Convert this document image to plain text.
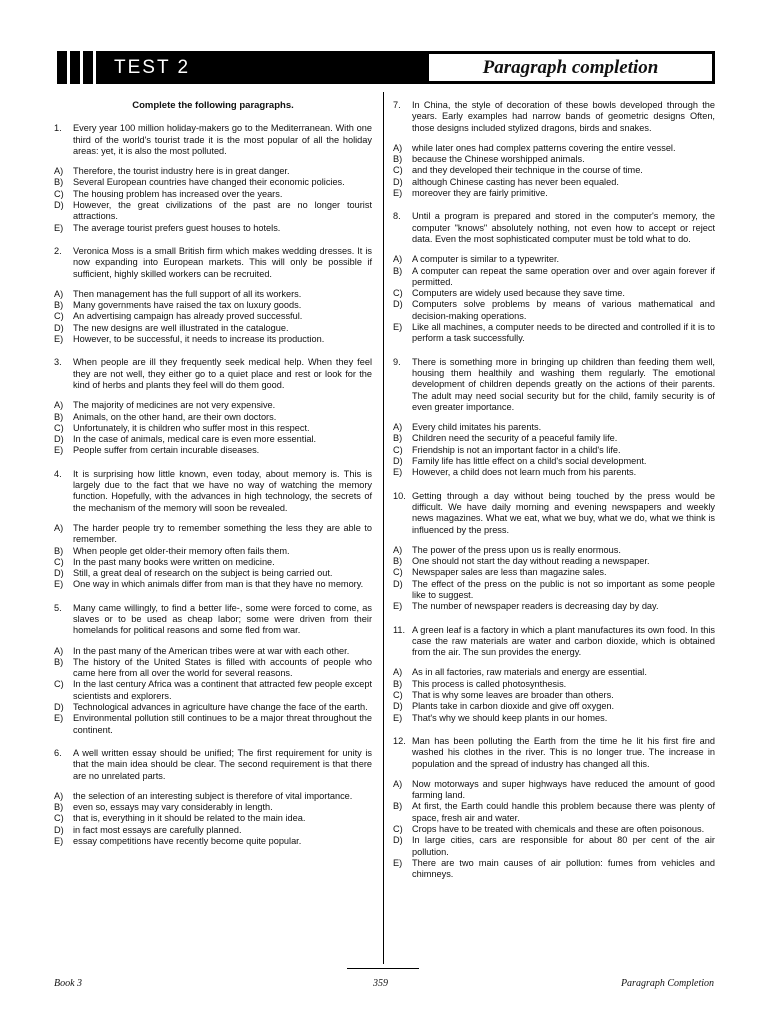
TEST 2	Paragraph completion
Complete the following paragraphs.
1.	Every year 100 million holiday-makers go to the Mediterranean. With one third of the world's tourist trade it is the most popular of all the holiday areas: yet, it is also the most polluted.
A)	Therefore, the tourist industry here is in great danger.
B)	Several European countries have changed their economic policies.
C)	The housing problem has increased over the years.
D)	However, the great civilizations of the past are no longer tourist attractions.
E)	The average tourist prefers guest houses to hotels.
2.	Veronica Moss is a small British firm which makes wedding dresses. It is now expanding into European markets. This will only be possible if sufficient, highly skilled workers can be recruited.
A)	Then management has the full support of all its workers.
B)	Many governments have raised the tax on luxury goods.
C)	An advertising campaign has already proved successful.
D)	The new designs are well illustrated in the catalogue.
E)	However, to be successful, it needs to increase its production.
3.	When people are ill they frequently seek medical help. When they feel they are not well, they either go to a quiet place and rest or look for the kind of herbs and plants they feel will do them good.
A)	The majority of medicines are not very expensive.
B)	Animals, on the other hand, are their own doctors.
C)	Unfortunately, it is children who suffer most in this respect.
D)	In the case of animals, medical care is even more essential.
E)	People suffer from certain incurable diseases.
4.	It is surprising how little known, even today, about memory is. This is largely due to the fact that we have no way of watching the memory function. Hopefully, with the advances in high technology, the secrets of the mechanism of the memory will soon be revealed.
A)	The harder people try to remember something the less they are able to remember.
B)	When people get older-their memory often fails them.
C)	In the past many books were written on medicine.
D)	Still, a great deal of research on the subject is being carried out.
E)	One way in which animals differ from man is that they have no memory.
5.	Many came willingly, to find a better life-, some were forced to come, as slaves or to be used as cheap labor; some were driven from their homelands for political reasons and some fled from war.
A)	In the past many of the American tribes were at war with each other.
B)	The history of the United States is filled with accounts of people who came here from all over the world for several reasons.
C)	In the last century Africa was a continent that attracted few people except scientists and explorers.
D)	Technological advances in agriculture have change the face of the earth.
E)	Environmental pollution still continues to be a major threat throughout the continent.
6.	A well written essay should be unified; The first requirement for unity is that the main idea should be clear. The second requirement is that there are no unrelated parts.
A)	the selection of an interesting subject is therefore of vital importance.
B)	even so, essays may vary considerably in length.
C)	that is, everything in it should be related to the main idea.
D)	in fact most essays are carefully planned.
E)	essay competitions have recently become quite popular.
7.	In China, the style of decoration of these bowls developed through the years. Early examples had narrow bands of geometric designs Often, those designs included stylized dragons, birds and snakes.
A)	while later ones had complex patterns covering the entire vessel.
B)	because the Chinese worshipped animals.
C)	and they developed their technique in the course of time.
D)	although Chinese casting has never been equaled.
E)	moreover they are fairly primitive.
8.	Until a program is prepared and stored in the computer's memory, the computer "knows" absolutely nothing, not even how to accept or reject data. Even the most sophisticated computer must be told what to do.
A)	A computer is similar to a typewriter.
B)	A computer can repeat the same operation over and over again forever if permitted.
C)	Computers are widely used because they save time.
D)	Computers solve problems by means of various mathematical and decision-making operations.
E)	Like all machines, a computer needs to be directed and controlled if it is to perform a task successfully.
9.	There is something more in bringing up children than feeding them well, housing them healthily and washing them regularly. The emotional development of children depends greatly on the actions of their parents. The adult may need social security but for the child, family security is of even greater importance.
A)	Every child imitates his parents.
B)	Children need the security of a peaceful family life.
C)	Friendship is not an important factor in a child's life.
D)	Family life has little effect on a child's social development.
E)	However, a child does not learn much from his parents.
10. Getting through a day without being touched by the press would be difficult. We have daily morning and evening newspapers and weekly news magazines. What we eat, what we buy, what we do, what we think is influenced by the press.
A)	The power of the press upon us is really enormous.
B)	One should not start the day without reading a newspaper.
C)	Newspaper sales are less than magazine sales.
D)	The effect of the press on the public is not so important as some people like to suggest.
E)	The number of newspaper readers is decreasing day by day.
11. A green leaf is a factory in which a plant manufactures its own food. In this case the raw materials are water and carbon dioxide, which is obtained from the air. The sun provides the energy.
A)	As in all factories, raw materials and energy are essential.
B)	This process is called photosynthesis.
C)	That is why some leaves are broader than others.
D)	Plants take in carbon dioxide and give off oxygen.
E)	That's why we should keep plants in our homes.
12. Man has been polluting the Earth from the time he lit his first fire and washed his clothes in the river. This is no longer true. The increase in population and the spread of industry has changed all this.
A)	Now motorways and super highways have reduced the amount of good farming land.
B)	At first, the Earth could handle this problem because there was plenty of space, fresh air and water.
C)	Crops have to be treated with chemicals and these are often poisonous.
D)	In large cities, cars are responsible for about 80 per cent of the air pollution.
E)	There are two main causes of air pollution: fumes from vehicles and chimneys.
Book 3	359	Paragraph Completion
